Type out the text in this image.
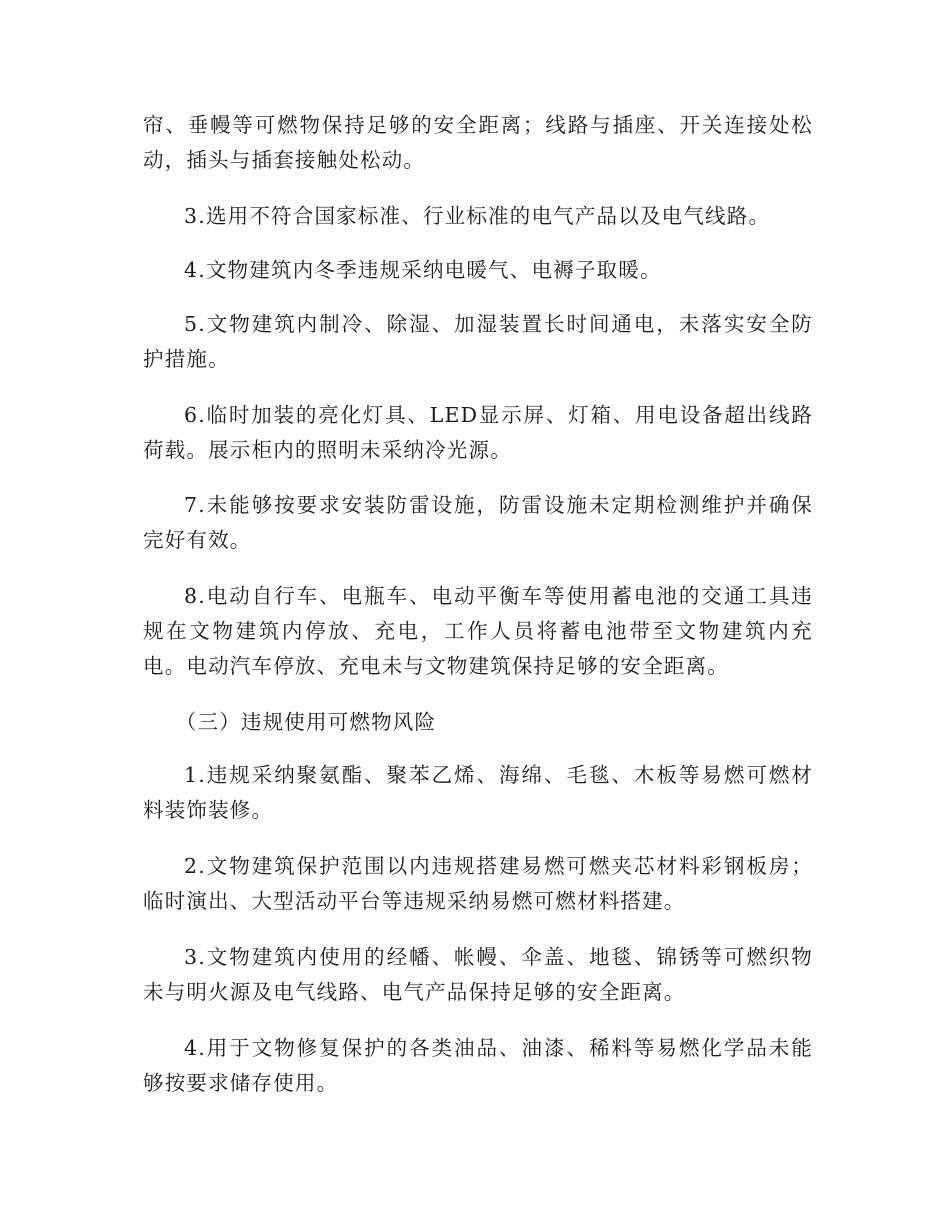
帘、垂幔等可燃物保持足够的安全距离；线路与插座、开关连接处松动，插头与插套接触处松动。

3.选用不符合国家标准、行业标准的电气产品以及电气线路。

4.文物建筑内冬季违规采纳电暖气、电褥子取暖。

5.文物建筑内制冷、除湿、加湿装置长时间通电，未落实安全防护措施。

6.临时加装的亮化灯具、LED显示屏、灯箱、用电设备超出线路荷载。展示柜内的照明未采纳冷光源。

7.未能够按要求安装防雷设施，防雷设施未定期检测维护并确保完好有效。

8.电动自行车、电瓶车、电动平衡车等使用蓄电池的交通工具违规在文物建筑内停放、充电，工作人员将蓄电池带至文物建筑内充电。电动汽车停放、充电未与文物建筑保持足够的安全距离。

（三）违规使用可燃物风险

1.违规采纳聚氨酯、聚苯乙烯、海绵、毛毯、木板等易燃可燃材料装饰装修。

2.文物建筑保护范围以内违规搭建易燃可燃夹芯材料彩钢板房；临时演出、大型活动平台等违规采纳易燃可燃材料搭建。

3.文物建筑内使用的经幡、帐幔、伞盖、地毯、锦锈等可燃织物未与明火源及电气线路、电气产品保持足够的安全距离。

4.用于文物修复保护的各类油品、油漆、稀料等易燃化学品未能够按要求储存使用。
